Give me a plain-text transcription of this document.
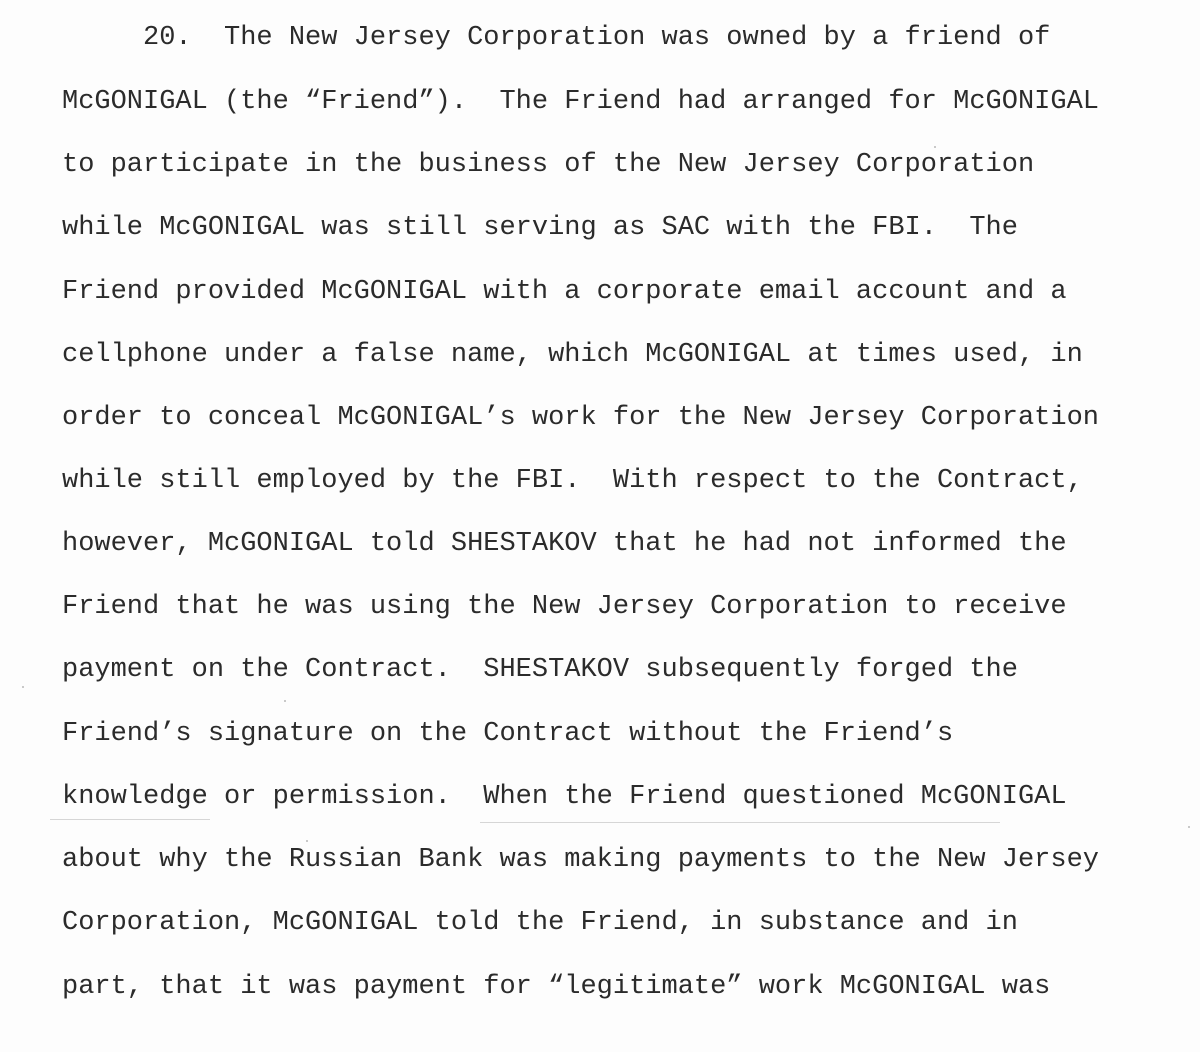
20.  The New Jersey Corporation was owned by a friend of
McGONIGAL (the “Friend”).  The Friend had arranged for McGONIGAL
to participate in the business of the New Jersey Corporation
while McGONIGAL was still serving as SAC with the FBI.  The
Friend provided McGONIGAL with a corporate email account and a
cellphone under a false name, which McGONIGAL at times used, in
order to conceal McGONIGAL’s work for the New Jersey Corporation
while still employed by the FBI.  With respect to the Contract,
however, McGONIGAL told SHESTAKOV that he had not informed the
Friend that he was using the New Jersey Corporation to receive
payment on the Contract.  SHESTAKOV subsequently forged the
Friend’s signature on the Contract without the Friend’s
knowledge or permission.  When the Friend questioned McGONIGAL
about why the Russian Bank was making payments to the New Jersey
Corporation, McGONIGAL told the Friend, in substance and in
part, that it was payment for “legitimate” work McGONIGAL was
